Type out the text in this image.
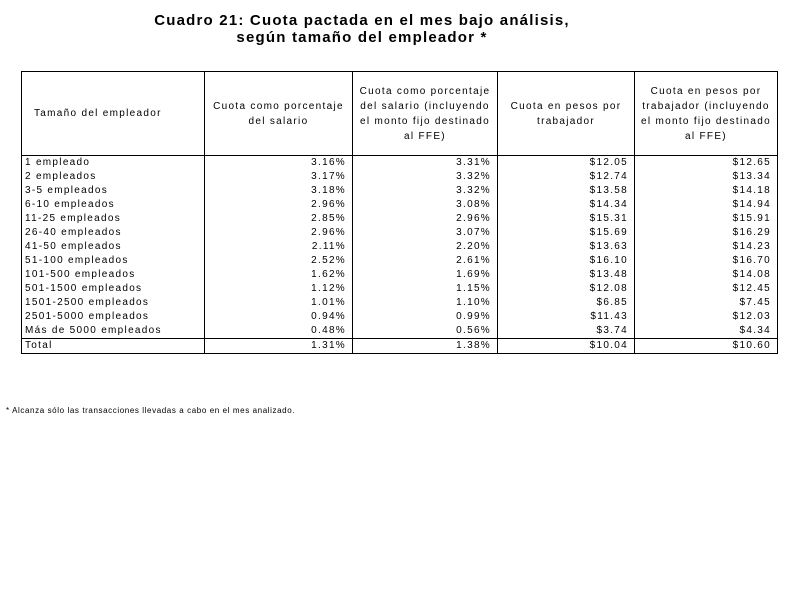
Cuadro 21: Cuota pactada en el mes bajo análisis,
según tamaño del empleador *
Tamaño del empleador	Cuota como porcentaje del salario	Cuota como porcentaje del salario (incluyendo el monto fijo destinado al FFE)	Cuota en pesos por trabajador	Cuota en pesos por trabajador (incluyendo el monto fijo destinado al FFE)
1 empleado	3.16%	3.31%	$12.05	$12.65
2 empleados	3.17%	3.32%	$12.74	$13.34
3-5 empleados	3.18%	3.32%	$13.58	$14.18
6-10 empleados	2.96%	3.08%	$14.34	$14.94
11-25 empleados	2.85%	2.96%	$15.31	$15.91
26-40 empleados	2.96%	3.07%	$15.69	$16.29
41-50 empleados	2.11%	2.20%	$13.63	$14.23
51-100 empleados	2.52%	2.61%	$16.10	$16.70
101-500 empleados	1.62%	1.69%	$13.48	$14.08
501-1500 empleados	1.12%	1.15%	$12.08	$12.45
1501-2500 empleados	1.01%	1.10%	$6.85	$7.45
2501-5000 empleados	0.94%	0.99%	$11.43	$12.03
Más de 5000 empleados	0.48%	0.56%	$3.74	$4.34
Total	1.31%	1.38%	$10.04	$10.60
* Alcanza sólo las transacciones llevadas a cabo en el mes analizado.
